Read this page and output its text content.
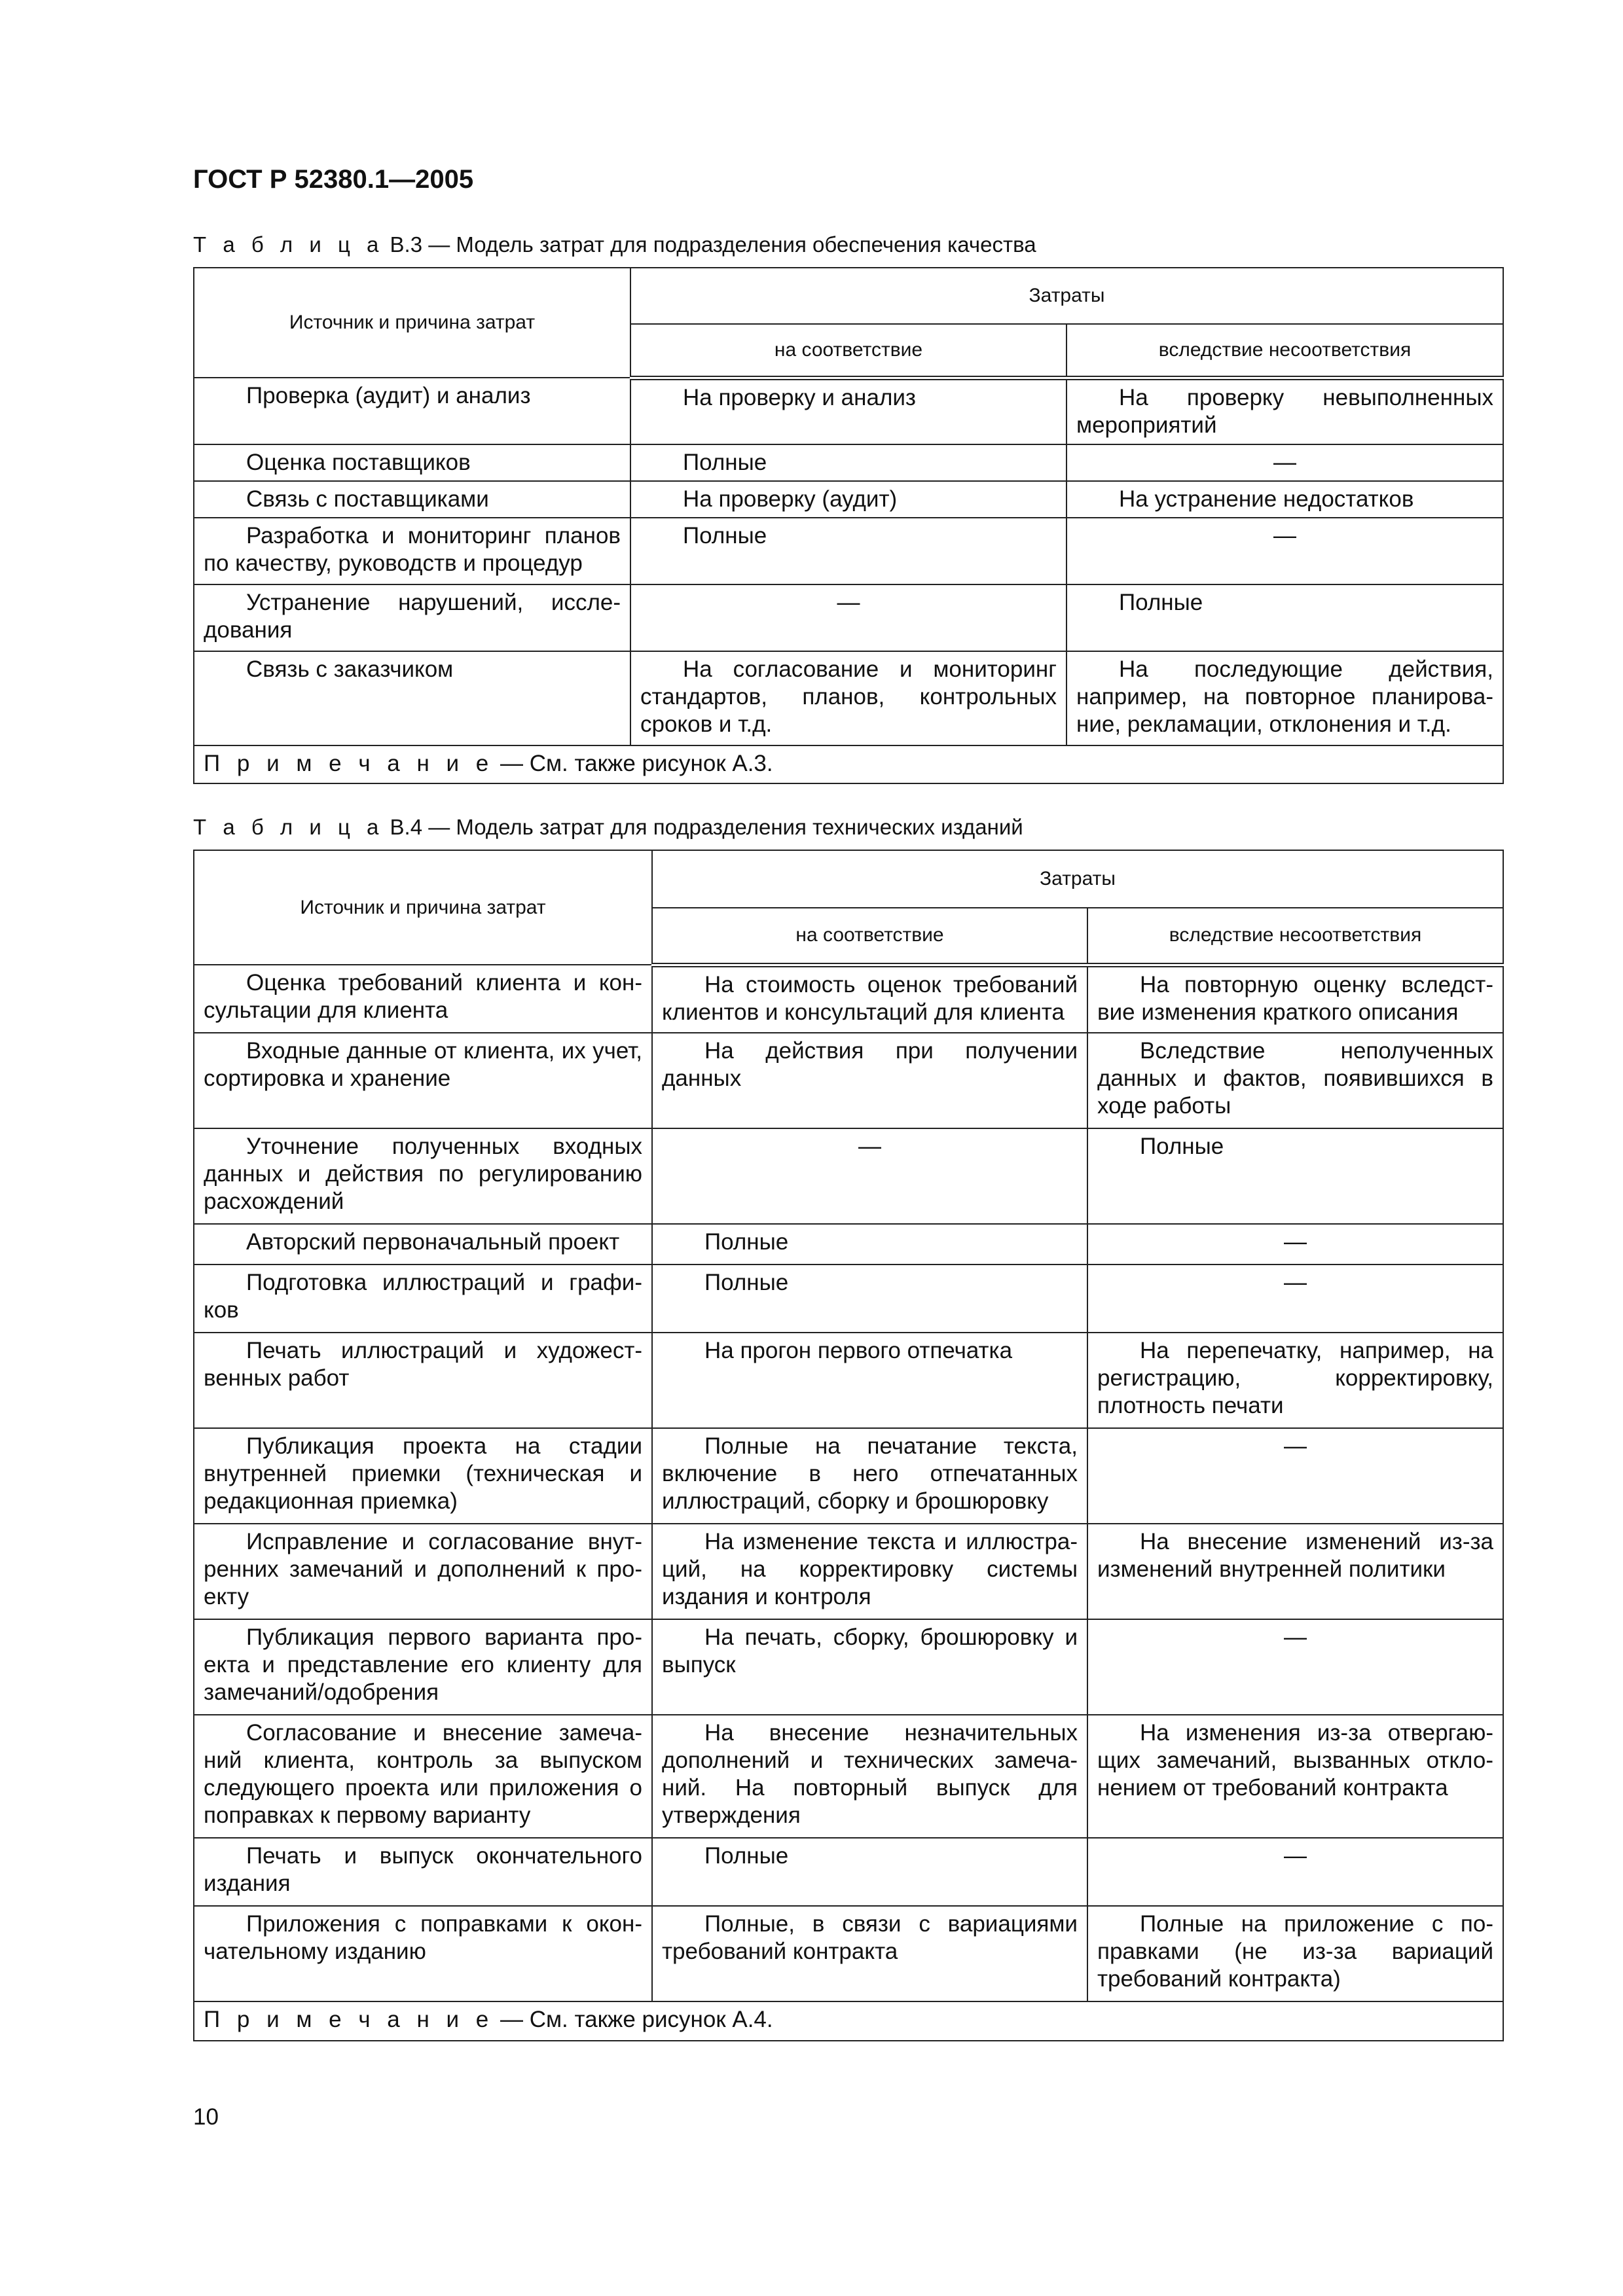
ГОСТ Р 52380.1—2005
Т а б л и ц а В.3 — Модель затрат для подразделения обеспечения качества
Источник и причина затрат	Затраты	
	на соответствие	вследствие несоответствия
Проверка (аудит) и анализ	На проверку и анализ	На проверку невыполненных мероприятий
Оценка поставщиков	Полные	—
Связь с поставщиками	На проверку (аудит)	На устранение недостатков
Разработка и мониторинг планов по качеству, руководств и процедур	Полные	—
Устранение нарушений, иссле-дования	—	Полные
Связь с заказчиком	На согласование и мониторинг стандартов, планов, контрольных сроков и т.д.	На последующие действия, например, на повторное планирова-ние, рекламации, отклонения и т.д.
П р и м е ч а н и е — См. также рисунок А.3.		
Т а б л и ц а В.4 — Модель затрат для подразделения технических изданий
Источник и причина затрат	Затраты	
	на соответствие	вследствие несоответствия
Оценка требований клиента и кон-сультации для клиента	На стоимость оценок требований клиентов и консультаций для клиента	На повторную оценку вследст-вие изменения краткого описания
Входные данные от клиента, их учет, сортировка и хранение	На действия при получении данных	Вследствие неполученных данных и фактов, появившихся в ходе работы
Уточнение полученных входных данных и действия по регулированию расхождений	—	Полные
Авторский первоначальный проект	Полные	—
Подготовка иллюстраций и графи-ков	Полные	—
Печать иллюстраций и художест-венных работ	На прогон первого отпечатка	На перепечатку, например, на регистрацию, корректировку, плотность печати
Публикация проекта на стадии внутренней приемки (техническая и редакционная приемка)	Полные на печатание текста, включение в него отпечатанных иллюстраций, сборку и брошюровку	—
Исправление и согласование внут-ренних замечаний и дополнений к про-екту	На изменение текста и иллюстра-ций, на корректировку системы издания и контроля	На внесение изменений из-за изменений внутренней политики
Публикация первого варианта про-екта и представление его клиенту для замечаний/одобрения	На печать, сборку, брошюровку и выпуск	—
Согласование и внесение замеча-ний клиента, контроль за выпуском следующего проекта или приложения о поправках к первому варианту	На внесение незначительных дополнений и технических замеча-ний. На повторный выпуск для утверждения	На изменения из-за отвергаю-щих замечаний, вызванных откло-нением от требований контракта
Печать и выпуск окончательного издания	Полные	—
Приложения с поправками к окон-чательному изданию	Полные, в связи с вариациями требований контракта	Полные на приложение с по-правками (не из-за вариаций требований контракта)
П р и м е ч а н и е — См. также рисунок А.4.		

10
